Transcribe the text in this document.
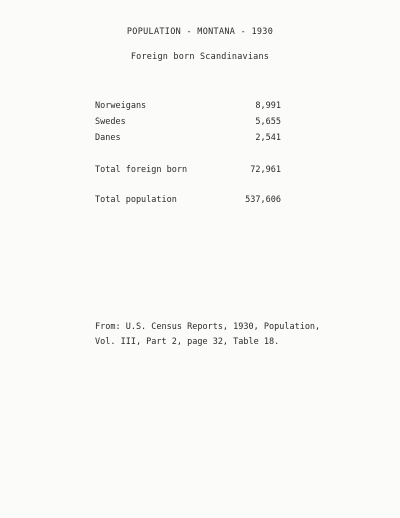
POPULATION - MONTANA - 1930
Foreign born Scandinavians
Norweigans	8,991
Swedes	5,655
Danes	2,541
Total foreign born	72,961
Total population	537,606
From: U.S. Census Reports, 1930, Population,
Vol. III, Part 2, page 32, Table 18.
